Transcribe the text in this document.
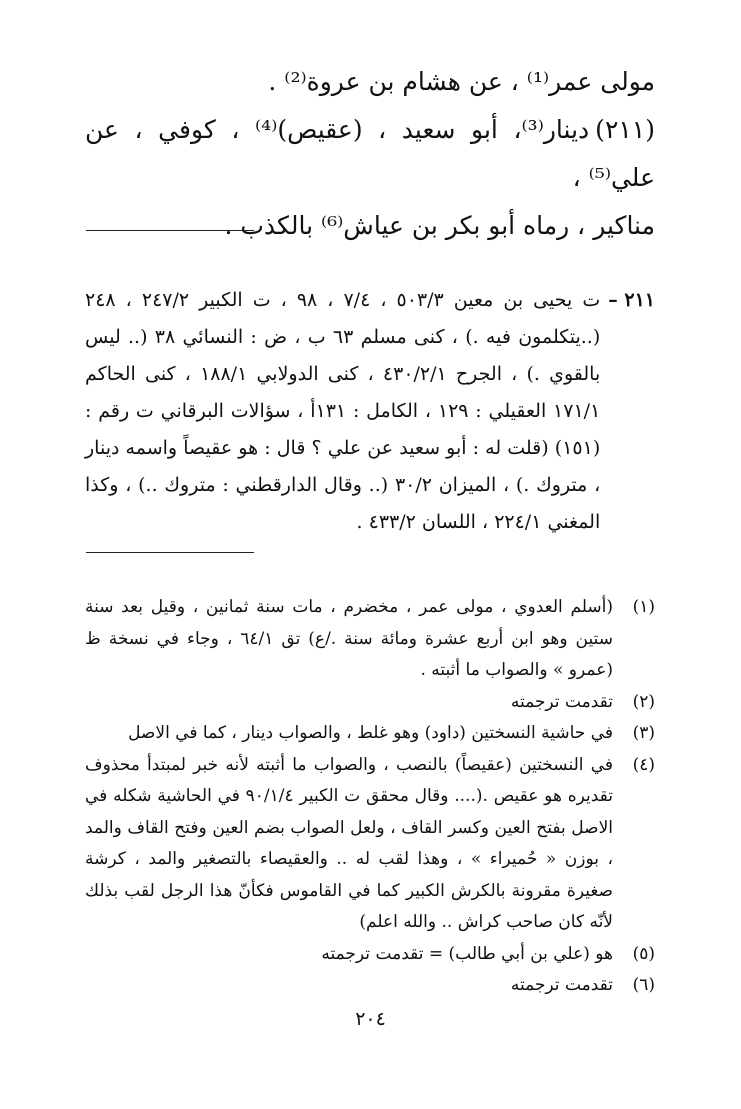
مولى عمر⁽¹⁾ ، عن هشام بن عروة⁽²⁾ .

(٢١١)دينار⁽³⁾، أبو سعيد ، (عقيص)⁽⁴⁾ ، كوفي ، عن علي⁽⁵⁾ ،

مناكير ، رماه أبو بكر بن عياش⁽⁶⁾ بالكذب .

٢١١ –
ت يحيى بن معين ٥٠٣/٣ ، ٧/٤ ، ٩٨ ، ت الكبير ٢٤٧/٢ ، ٢٤٨ (..يتكلمون فيه .) ، كنى مسلم ٦٣ ب ، ض : النسائي ٣٨ (.. ليس بالقوي .) ، الجرح ٤٣٠/٢/١ ، كنى الدولابي ١٨٨/١ ، كنى الحاكم ١٧١/١ العقيلي : ١٢٩ ، الكامل : ١٣١أ ، سؤالات البرقاني ت رقم : (١٥١) (قلت له : أبو سعيد عن علي ؟ قال : هو عقيصاً واسمه دينار ، متروك .) ، الميزان ٣٠/٢ (.. وقال الدارقطني : متروك ..) ، وكذا المغني ٢٢٤/١ ، اللسان ٤٣٣/٢ .
(١)
(أسلم العدوي ، مولى عمر ، مخضرم ، مات سنة ثمانين ، وقيل بعد سنة ستين وهو ابن أربع عشرة ومائة سنة ./ع) تق ٦٤/١ ، وجاء في نسخة ظ (عمرو » والصواب ما أثبته .
(٢)
تقدمت ترجمته
(٣)
في حاشية النسختين (داود) وهو غلط ، والصواب دينار ، كما في الاصل
(٤)
في النسختين (عقيصاً) بالنصب ، والصواب ما أثبته لأنه خبر لمبتدأ محذوف تقديره هو عقيص .(.... وقال محقق ت الكبير ٩٠/١/٤ في الحاشية شكله في الاصل بفتح العين وكسر القاف ، ولعل الصواب بضم العين وفتح القاف والمد ، بوزن « حُميراء » ، وهذا لقب له .. والعقيصاء بالتصغير والمد ، كرشة صغيرة مقرونة بالكرش الكبير كما في القاموس فكأنّ هذا الرجل لقب بذلك لأنّه كان صاحب كراش .. والله اعلم)
(٥)
هو (علي بن أبي طالب) = تقدمت ترجمته
(٦)
تقدمت ترجمته
٢٠٤
